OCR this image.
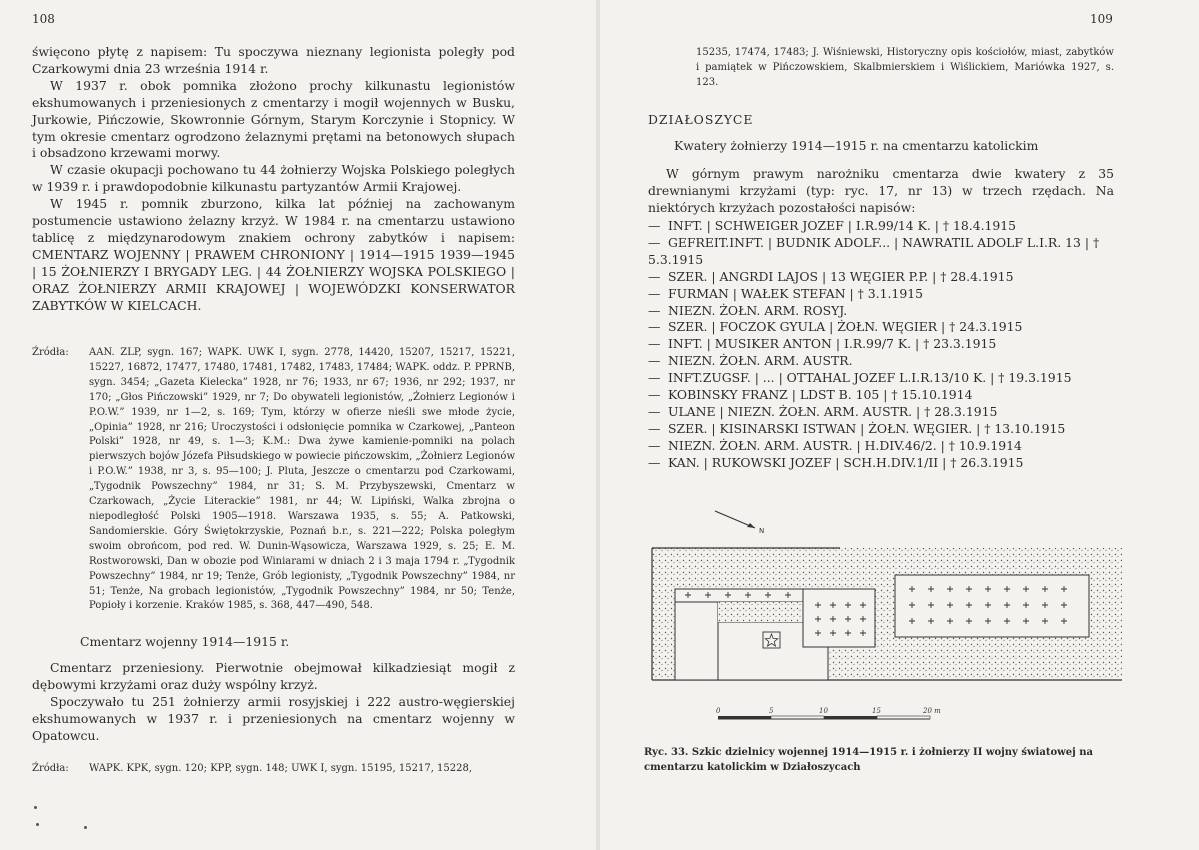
108

święcono płytę z napisem: Tu spoczywa nieznany legionista poległy pod Czarkowymi dnia 23 września 1914 r.

W 1937 r. obok pomnika złożono prochy kilkunastu legionistów ekshumowanych i przeniesionych z cmentarzy i mogił wojennych w Busku, Jurkowie, Pińczowie, Skowronnie Górnym, Starym Korczynie i Stopnicy. W tym okresie cmentarz ogrodzono żelaznymi prętami na betonowych słupach i obsadzono krzewami morwy.

W czasie okupacji pochowano tu 44 żołnierzy Wojska Polskiego poległych w 1939 r. i prawdopodobnie kilkunastu partyzantów Armii Krajowej.

W 1945 r. pomnik zburzono, kilka lat później na zachowanym postumencie ustawiono żelazny krzyż. W 1984 r. na cmentarzu ustawiono tablicę z międzynarodowym znakiem ochrony zabytków i napisem: CMENTARZ WOJENNY | PRAWEM CHRONIONY | 1914—1915 1939—1945 | 15 ŻOŁNIERZY I BRYGADY LEG. | 44 ŻOŁNIERZY WOJSKA POLSKIEGO | ORAZ ŻOŁNIERZY ARMII KRAJOWEJ | WOJEWÓDZKI KONSERWATOR ZABYTKÓW W KIELCACH.

Źródła:	AAN. ZLP, sygn. 167; WAPK. UWK I, sygn. 2778, 14420, 15207, 15217, 15221, 15227, 16872, 17477, 17480, 17481, 17482, 17483, 17484; WAPK. oddz. P. PPRNB, sygn. 3454; „Gazeta Kielecka” 1928, nr 76; 1933, nr 67; 1936, nr 292; 1937, nr 170; „Głos Pińczowski” 1929, nr 7; Do obywateli legionistów, „Żołnierz Legionów i P.O.W.” 1939, nr 1—2, s. 169; Tym, którzy w ofierze nieśli swe młode życie, „Opinia” 1928, nr 216; Uroczystości i odsłonięcie pomnika w Czarkowej, „Panteon Polski” 1928, nr 49, s. 1—3; K.M.: Dwa żywe kamienie-pomniki na polach pierwszych bojów Józefa Piłsudskiego w powiecie pińczowskim, „Żołnierz Legionów i P.O.W.” 1938, nr 3, s. 95—100; J. Pluta, Jeszcze o cmentarzu pod Czarkowami, „Tygodnik Powszechny” 1984, nr 31; S. M. Przybyszewski, Cmentarz w Czarkowach, „Życie Literackie” 1981, nr 44; W. Lipiński, Walka zbrojna o niepodległość Polski 1905—1918. Warszawa 1935, s. 55; A. Patkowski, Sandomierskie. Góry Świętokrzyskie, Poznań b.r., s. 221—222; Polska poległym swoim obrońcom, pod red. W. Dunin-Wąsowicza, Warszawa 1929, s. 25; E. M. Rostworowski, Dan w obozie pod Winiarami w dniach 2 i 3 maja 1794 r. „Tygodnik Powszechny” 1984, nr 19; Tenże, Grób legionisty, „Tygodnik Powszechny” 1984, nr 51; Tenże, Na grobach legionistów, „Tygodnik Powszechny” 1984, nr 50; Tenże, Popioły i korzenie. Kraków 1985, s. 368, 447—490, 548.
Cmentarz wojenny 1914—1915 r.

Cmentarz przeniesiony. Pierwotnie obejmował kilkadziesiąt mogił z dębowymi krzyżami oraz duży wspólny krzyż.

Spoczywało tu 251 żołnierzy armii rosyjskiej i 222 austro-węgierskiej ekshumowanych w 1937 r. i przeniesionych na cmentarz wojenny w Opatowcu.

Źródła:	WAPK. KPK, sygn. 120; KPP, sygn. 148; UWK I, sygn. 15195, 15217, 15228,
109
15235, 17474, 17483; J. Wiśniewski, Historyczny opis kościołów, miast, zabytków i pamiątek w Pińczowskiem, Skalbmierskiem i Wiślickiem, Mariówka 1927, s. 123.
DZIAŁOSZYCE
Kwatery żołnierzy 1914—1915 r. na cmentarzu katolickim

W górnym prawym narożniku cmentarza dwie kwatery z 35 drewnianymi krzyżami (typ: ryc. 17, nr 13) w trzech rzędach. Na niektórych krzyżach pozostałości napisów:

— INFT. | SCHWEIGER JOZEF | I.R.99/14 K. | † 18.4.1915

— GEFREIT.INFT. | BUDNIK ADOLF... | NAWRATIL ADOLF L.I.R. 13 | † 5.3.1915

— SZER. | ANGRDI LAJOS | 13 WĘGIER P.P. | † 28.4.1915

— FURMAN | WAŁEK STEFAN | † 3.1.1915

— NIEZN. ŻOŁN. ARM. ROSYJ.

— SZER. | FOCZOK GYULA | ŻOŁN. WĘGIER | † 24.3.1915

— INFT. | MUSIKER ANTON | I.R.99/7 K. | † 23.3.1915

— NIEZN. ŻOŁN. ARM. AUSTR.

— INFT.ZUGSF. | ... | OTTAHAL JOZEF L.I.R.13/10 K. | † 19.3.1915

— KOBINSKY FRANZ | LDST B. 105 | † 15.10.1914

— ULANE | NIEZN. ŻOŁN. ARM. AUSTR. | † 28.3.1915

— SZER. | KISINARSKI ISTWAN | ŻOŁN. WĘGIER. | † 13.10.1915

— NIEZN. ŻOŁN. ARM. AUSTR. | H.DIV.46/2. | † 10.9.1914

— KAN. | RUKOWSKI JOZEF | SCH.H.DIV.1/II | † 26.3.1915

N
0	5	10	15	20 m
Ryc. 33. Szkic dzielnicy wojennej 1914—1915 r. i żołnierzy II wojny światowej na cmentarzu katolickim w Działoszycach
